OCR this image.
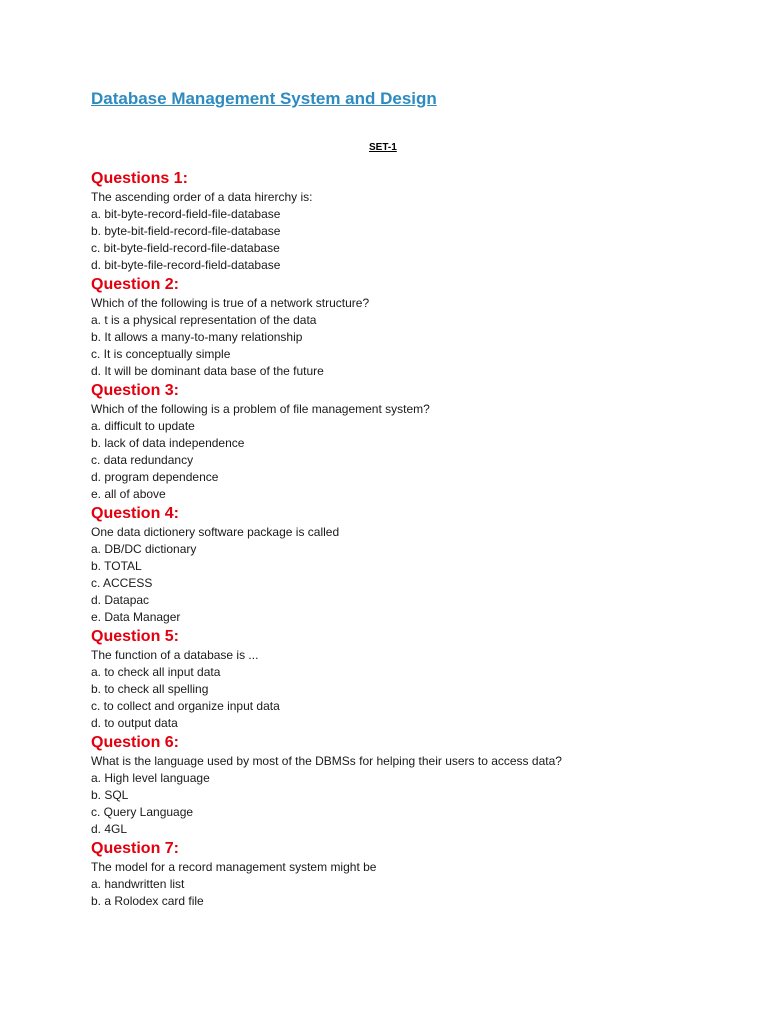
Database Management System and Design
SET-1
Questions 1:
The ascending order of a data hirerchy is:
a. bit-byte-record-field-file-database
b. byte-bit-field-record-file-database
c. bit-byte-field-record-file-database
d. bit-byte-file-record-field-database
Question 2:
Which of the following is true of a network structure?
a. t is a physical representation of the data
b. It allows a many-to-many relationship
c. It is conceptually simple
d. It will be dominant data base of the future
Question 3:
Which of the following is a problem of file management system?
a. difficult to update
b. lack of data independence
c. data redundancy
d. program dependence
e. all of above
Question 4:
One data dictionery software package is called
a. DB/DC dictionary
b. TOTAL
c. ACCESS
d. Datapac
e. Data Manager
Question 5:
The function of a database is ...
a. to check all input data
b. to check all spelling
c. to collect and organize input data
d. to output data
Question 6:
What is the language used by most of the DBMSs for helping their users to access data?
a. High level language
b. SQL
c. Query Language
d. 4GL
Question 7:
The model for a record management system might be
a. handwritten list
b. a Rolodex card file
